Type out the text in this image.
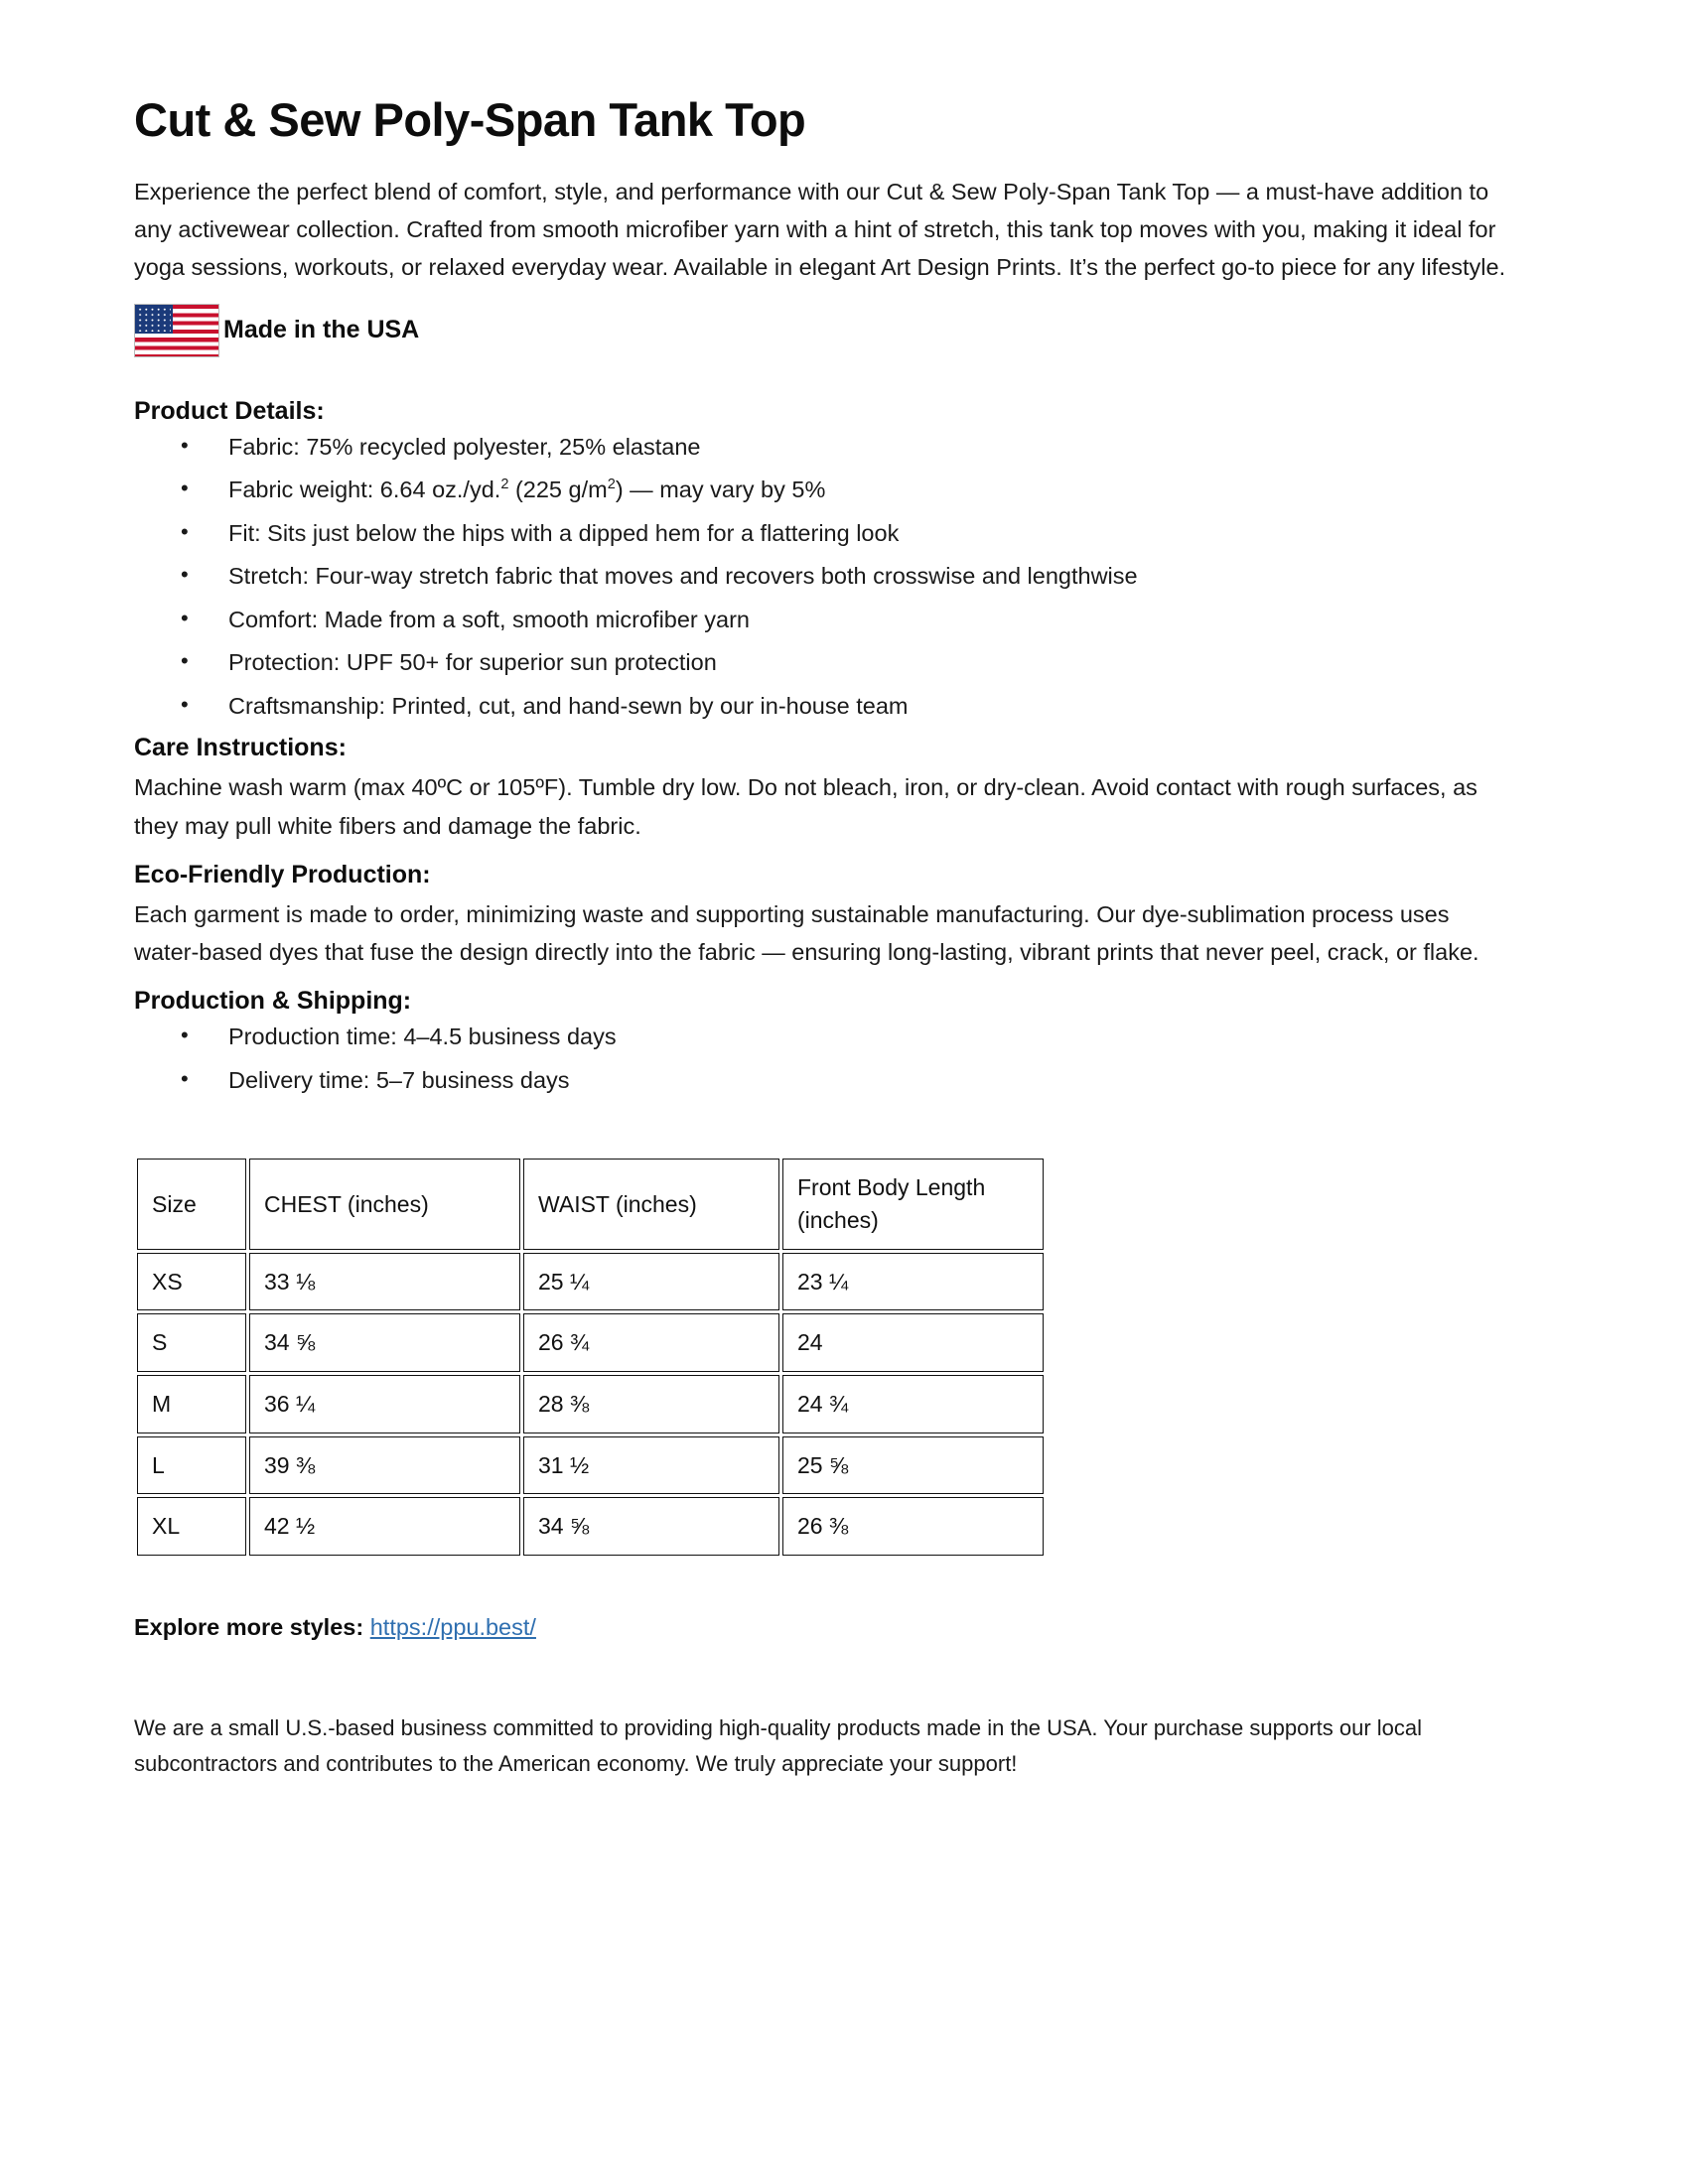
Cut & Sew Poly-Span Tank Top

Experience the perfect blend of comfort, style, and performance with our Cut & Sew Poly-Span Tank Top — a must-have addition to any activewear collection. Crafted from smooth microfiber yarn with a hint of stretch, this tank top moves with you, making it ideal for yoga sessions, workouts, or relaxed everyday wear. Available in elegant Art Design Prints. It’s the perfect go-to piece for any lifestyle.

Made in the USA
Product Details:
• Fabric: 75% recycled polyester, 25% elastane
• Fabric weight: 6.64 oz./yd.$^2$ (225 $g/m^2$) — may vary by 5%
• Fit: Sits just below the hips with a dipped hem for a flattering look
• Stretch: Four-way stretch fabric that moves and recovers both crosswise and lengthwise
• Comfort: Made from a soft, smooth microfiber yarn
• Protection: UPF 50+ for superior sun protection
• Craftsmanship: Printed, cut, and hand-sewn by our in-house team
Care Instructions:

Machine wash warm (max 40ºC or 105ºF). Tumble dry low. Do not bleach, iron, or dry-clean. Avoid contact with rough surfaces, as they may pull white fibers and damage the fabric.

Eco-Friendly Production:

Each garment is made to order, minimizing waste and supporting sustainable manufacturing. Our dye-sublimation process uses water-based dyes that fuse the design directly into the fabric — ensuring long-lasting, vibrant prints that never peel, crack, or flake.

Production & Shipping:
• Production time: 4–4.5 business days
• Delivery time: 5–7 business days
Size	CHEST (inches)	WAIST (inches)	Front Body Length (inches)
XS	33 ⅛	25 ¼	23 ¼
S	34 ⅝	26 ¾	24
M	36 ¼	28 ⅜	24 ¾
L	39 ⅜	31 ½	25 ⅝
XL	42 ½	34 ⅝	26 ⅜

Explore more styles: https://ppu.best/

We are a small U.S.-based business committed to providing high-quality products made in the USA. Your purchase supports our local subcontractors and contributes to the American economy. We truly appreciate your support!
